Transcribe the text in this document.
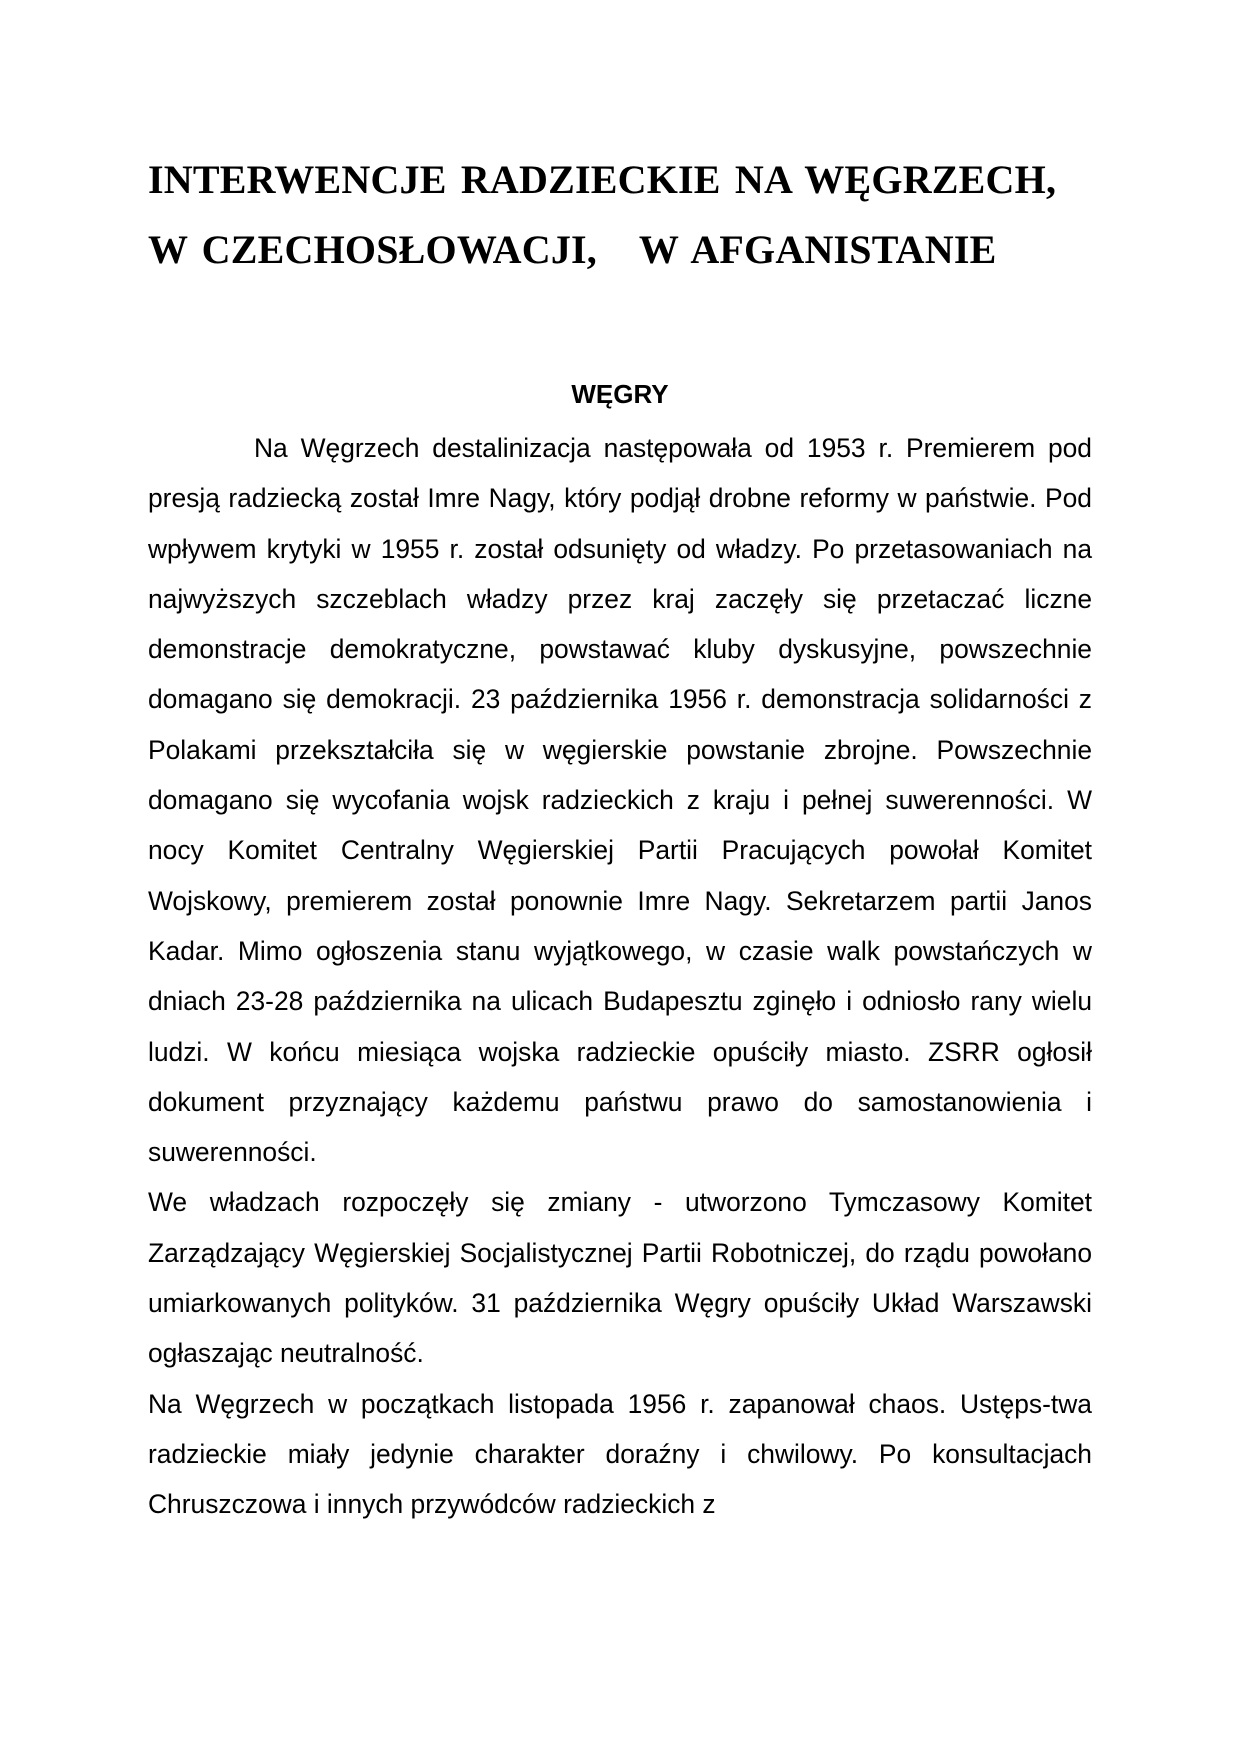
INTERWENCJE RADZIECKIE NA WĘGRZECH,
W CZECHOSŁOWACJI,   W AFGANISTANIE
WĘGRY

Na Węgrzech destalinizacja następowała od 1953 r. Premierem pod presją radziecką został Imre Nagy, który podjął drobne reformy w państwie. Pod wpływem krytyki w 1955 r. został odsunięty od władzy. Po przetasowaniach na najwyższych szczeblach władzy przez kraj zaczęły się przetaczać liczne demonstracje demokratyczne, powstawać kluby dyskusyjne, powszechnie domagano się demokracji. 23 października 1956 r. demonstracja solidarności z Polakami przekształciła się w węgierskie powstanie zbrojne. Powszechnie domagano się wycofania wojsk radzieckich z kraju i pełnej suwerenności. W nocy Komitet Centralny Węgierskiej Partii Pracujących powołał Komitet Wojskowy, premierem został ponownie Imre Nagy. Sekretarzem partii Janos Kadar. Mimo ogłoszenia stanu wyjątkowego, w czasie walk powstańczych w dniach 23-28 października na ulicach Budapesztu zginęło i odniosło rany wielu ludzi. W końcu miesiąca wojska radzieckie opuściły miasto. ZSRR ogłosił dokument przyznający każdemu państwu prawo do samostanowienia i suwerenności.

We władzach rozpoczęły się zmiany - utworzono Tymczasowy Komitet Zarządzający Węgierskiej Socjalistycznej Partii Robotniczej, do rządu powołano umiarkowanych polityków. 31 października Węgry opuściły Układ Warszawski ogłaszając neutralność.

Na Węgrzech w początkach listopada 1956 r. zapanował chaos. Ustęps-twa radzieckie miały jedynie charakter doraźny i chwilowy. Po konsultacjach Chruszczowa i innych przywódców radzieckich z
